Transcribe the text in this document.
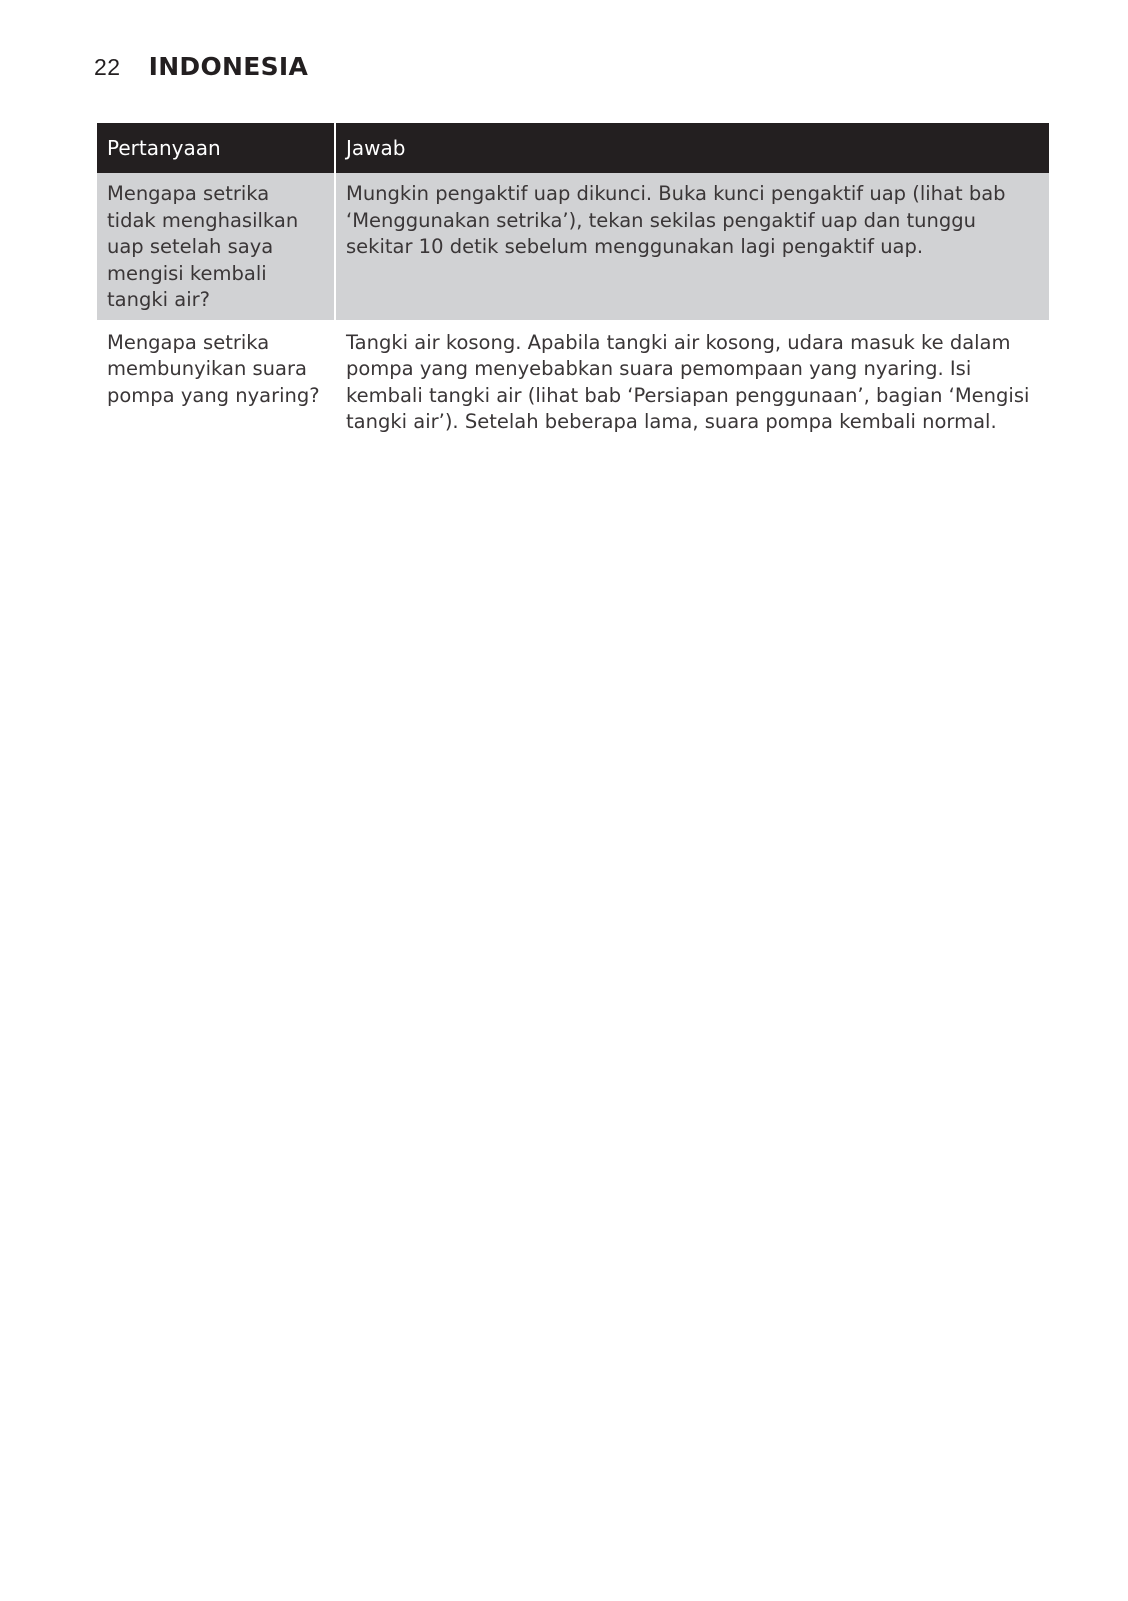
22 INDONESIA
Pertanyaan	Jawab
Mengapa setrika tidak menghasilkan uap setelah saya mengisi kembali tangki air?	Mungkin pengaktif uap dikunci. Buka kunci pengaktif uap (lihat bab ‘Menggunakan setrika’), tekan sekilas pengaktif uap dan tunggu sekitar 10 detik sebelum menggunakan lagi pengaktif uap.

Mengapa setrika membunyikan suara pompa yang nyaring?	Tangki air kosong. Apabila tangki air kosong, udara masuk ke dalam pompa yang menyebabkan suara pemompaan yang nyaring. Isi kembali tangki air (lihat bab ‘Persiapan penggunaan’, bagian ‘Mengisi tangki air’). Setelah beberapa lama, suara pompa kembali normal.
